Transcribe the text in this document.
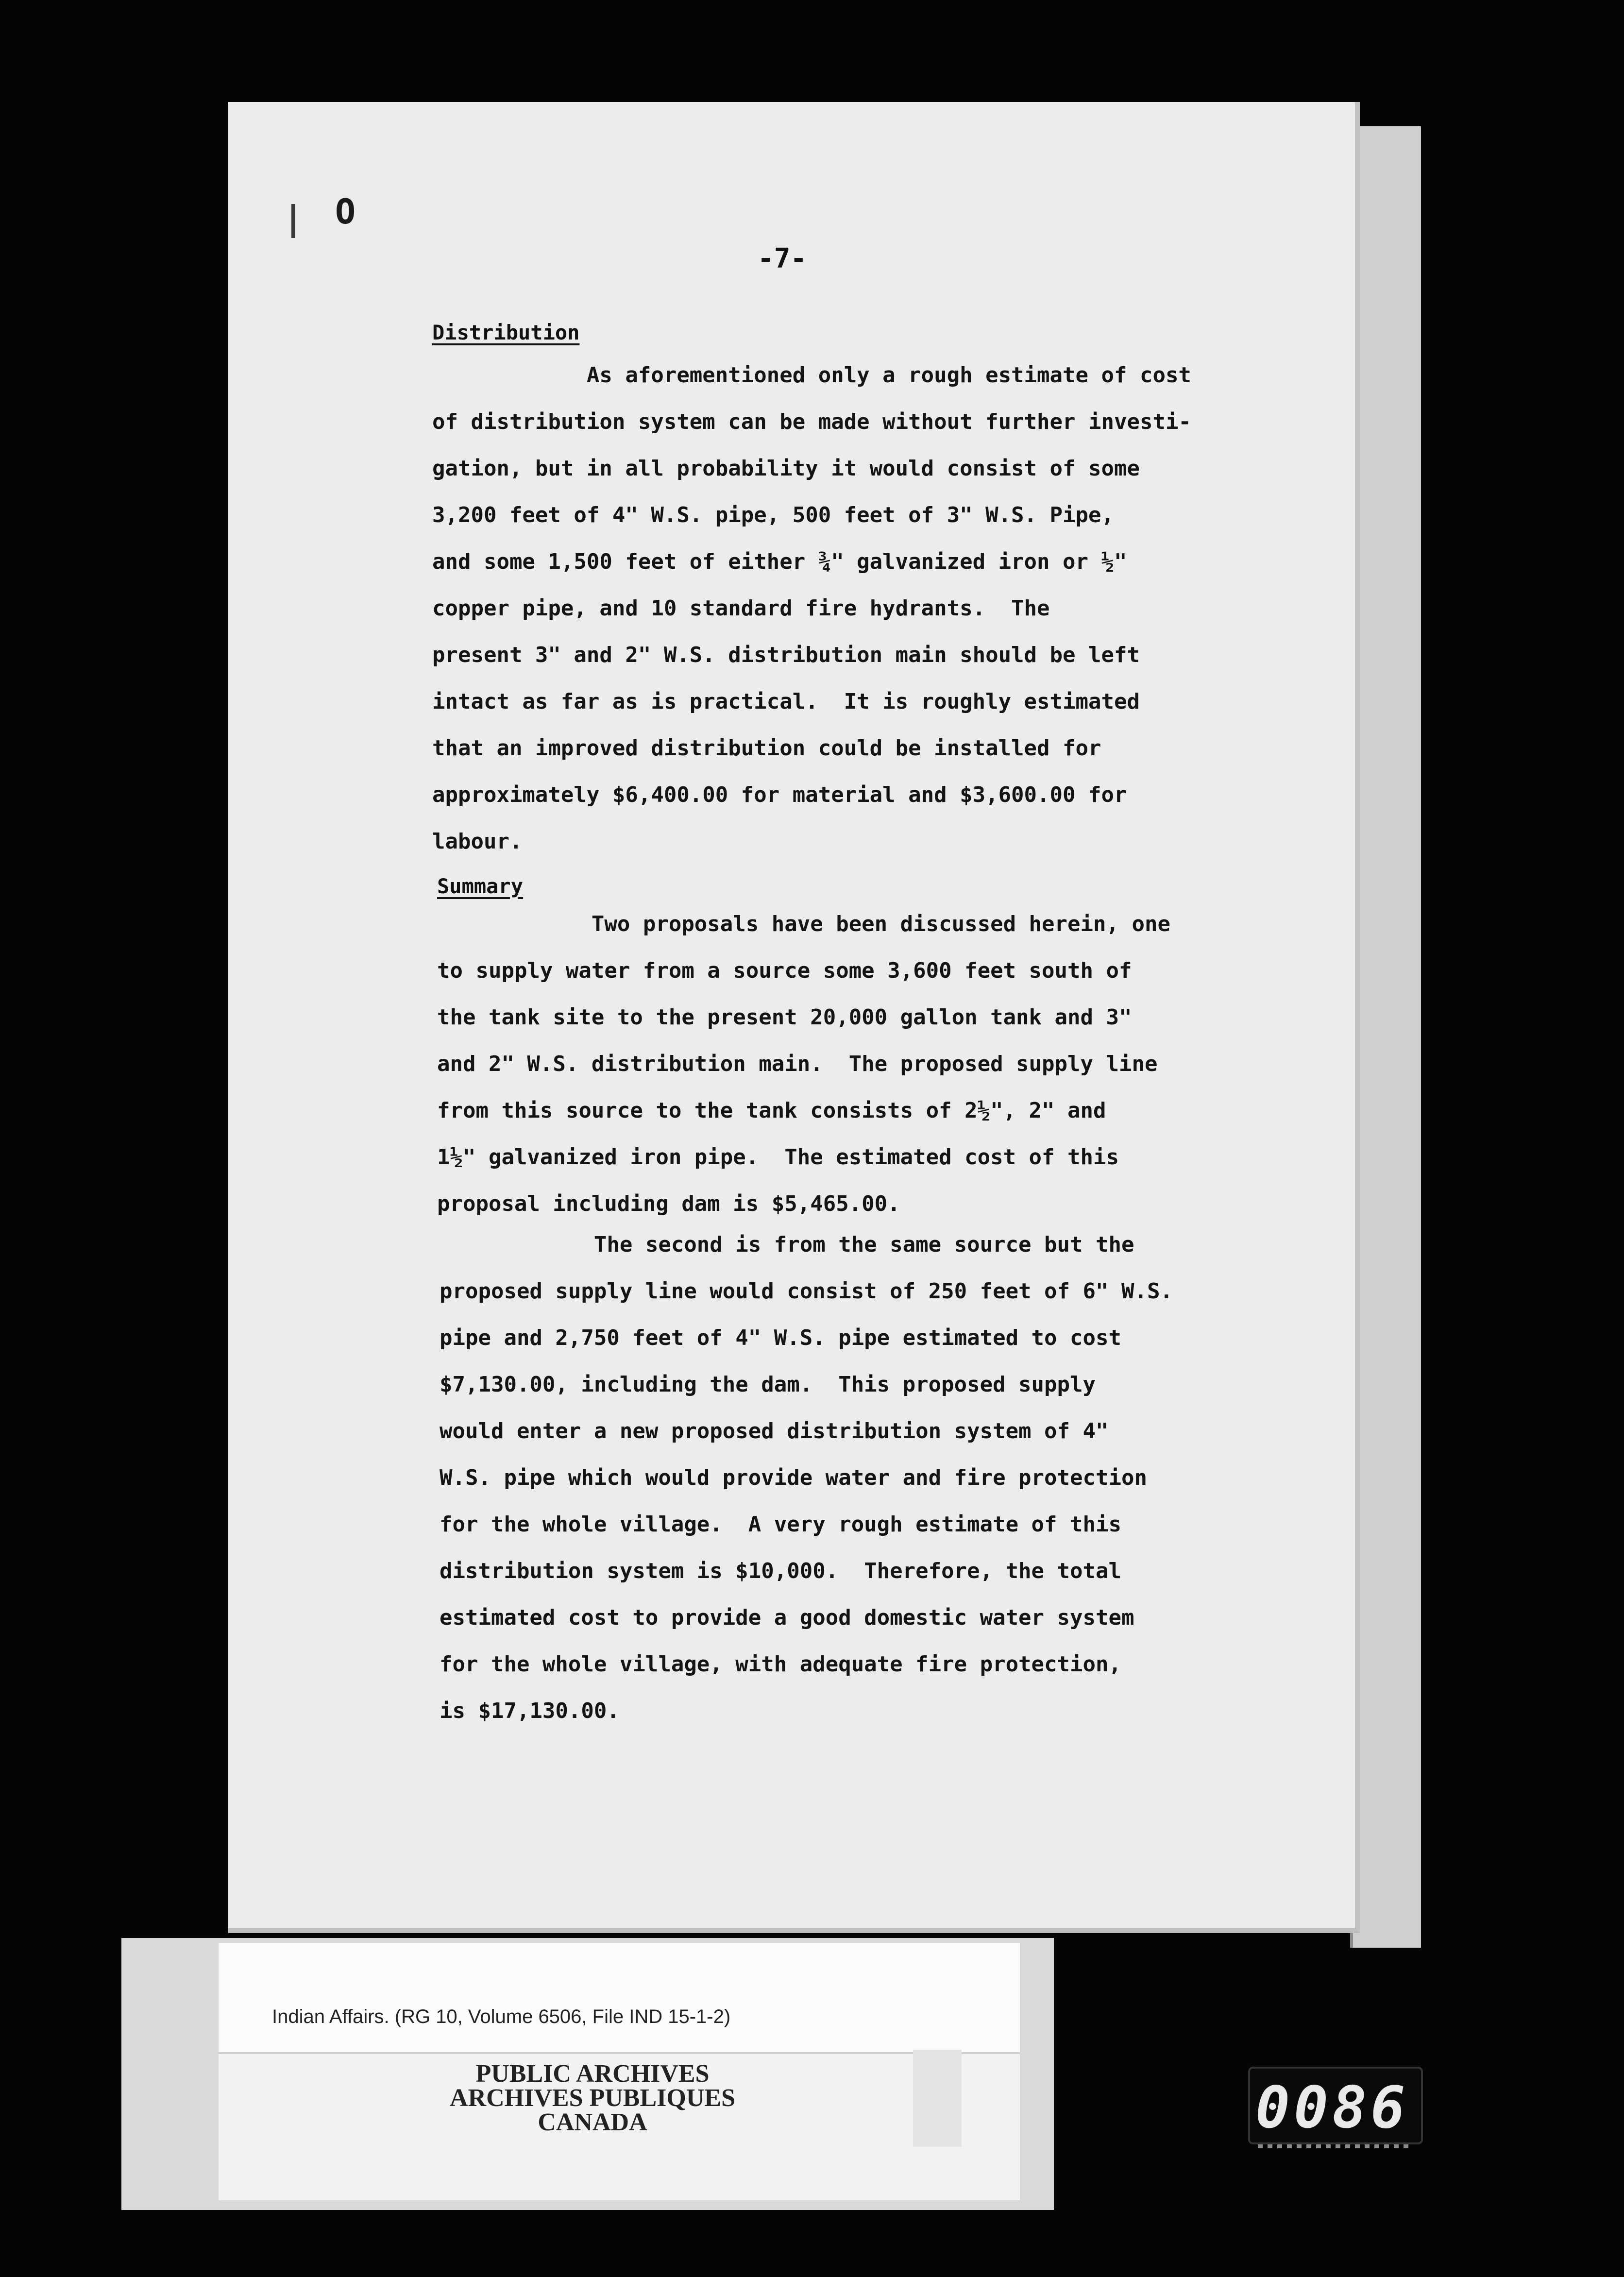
O
-7-
Distribution
As aforementioned only a rough estimate of cost
of distribution system can be made without further investi-
gation, but in all probability it would consist of some
3,200 feet of 4" W.S. pipe, 500 feet of 3" W.S. Pipe,
and some 1,500 feet of either ¾" galvanized iron or ½"
copper pipe, and 10 standard fire hydrants.  The
present 3" and 2" W.S. distribution main should be left
intact as far as is practical.  It is roughly estimated
that an improved distribution could be installed for
approximately $6,400.00 for material and $3,600.00 for
labour.
Summary
Two proposals have been discussed herein, one
to supply water from a source some 3,600 feet south of
the tank site to the present 20,000 gallon tank and 3"
and 2" W.S. distribution main.  The proposed supply line
from this source to the tank consists of 2½", 2" and
1½" galvanized iron pipe.  The estimated cost of this
proposal including dam is $5,465.00.
The second is from the same source but the
proposed supply line would consist of 250 feet of 6" W.S.
pipe and 2,750 feet of 4" W.S. pipe estimated to cost
$7,130.00, including the dam.  This proposed supply
would enter a new proposed distribution system of 4"
W.S. pipe which would provide water and fire protection
for the whole village.  A very rough estimate of this
distribution system is $10,000.  Therefore, the total
estimated cost to provide a good domestic water system
for the whole village, with adequate fire protection,
is $17,130.00.
Indian Affairs. (RG 10, Volume 6506, File IND 15-1-2)
PUBLIC ARCHIVES
ARCHIVES PUBLIQUES
CANADA	0086
